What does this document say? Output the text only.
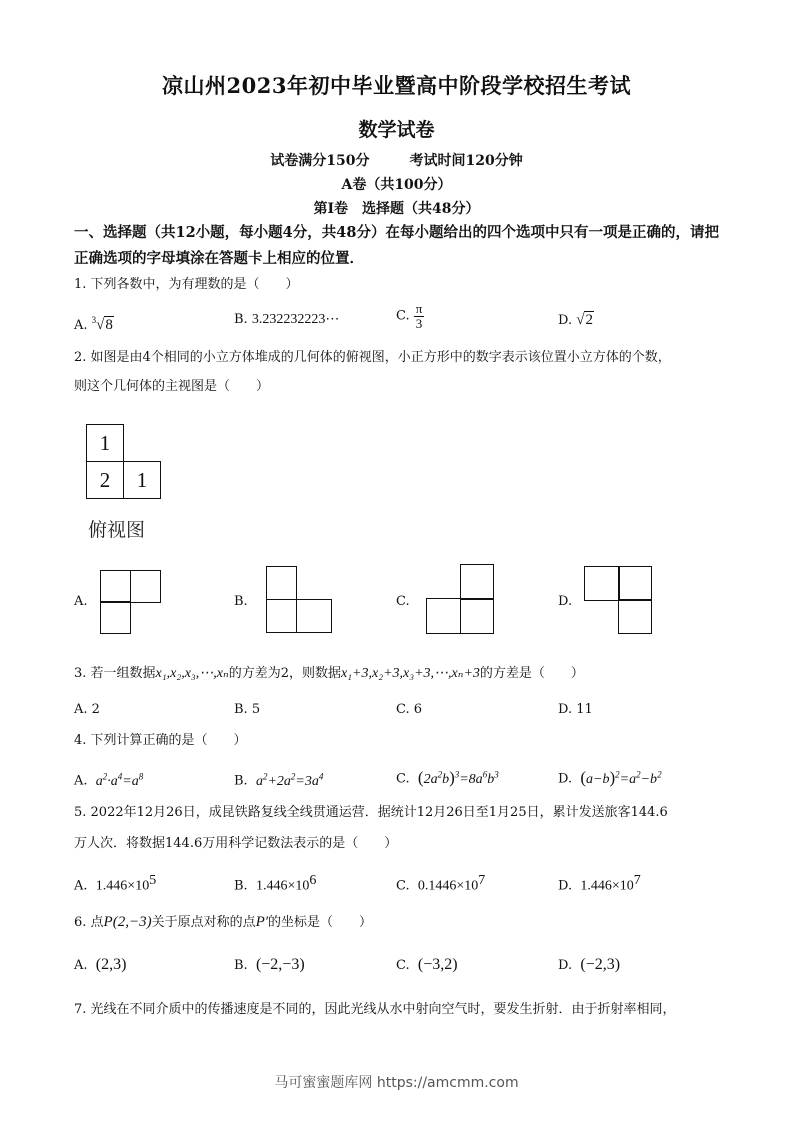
凉山州2023年初中毕业暨高中阶段学校招生考试
数学试卷
试卷满分150分	考试时间120分钟
A卷（共100分）
第Ⅰ卷　选择题（共48分）
一、选择题（共12小题，每小题4分，共48分）在每小题给出的四个选项中只有一项是正确的，请把正确选项的字母填涂在答题卡上相应的位置．
1. 下列各数中，为有理数的是（　　）
A. $^3$√8	B. 3.232232223⋯	C. $\frac{\pi}{3}$	D. √2
2. 如图是由4个相同的小立方体堆成的几何体的俯视图，小正方形中的数字表示该位置小立方体的个数，
则这个几何体的主视图是（　　）
1
2	1
俯视图
A.	B.	C.	D.
3. 若一组数据x₁,x₂,x₃,⋯,xₙ的方差为2，则数据x₁+3,x₂+3,x₃+3,⋯,xₙ+3的方差是（　　）
A. 2	B. 5	C. 6	D. 11
4. 下列计算正确的是（　　）
A. $a^2\cdot a^4=a^8$	B. $a^2+2a^2=3a^4$	C. $(2a^2b)^3=8a^6b^3$	D. $(a-b)^2=a^2-b^2$
5. 2022年12月26日，成昆铁路复线全线贯通运营．据统计12月26日至1月25日，累计发送旅客144.6
万人次．将数据144.6万用科学记数法表示的是（　　）
A. $1.446\times 10^5$	B. $1.446\times 10^6$	C. $0.1446\times 10^7$	D. $1.446\times 10^7$
6. 点P(2,−3)关于原点对称的点P′的坐标是（　　）
A. (2,3)	B. (−2,−3)	C. (−3,2)	D. (−2,3)
7. 光线在不同介质中的传播速度是不同的，因此光线从水中射向空气时，要发生折射．由于折射率相同，
马可蜜蜜题库网 https://amcmm.com
